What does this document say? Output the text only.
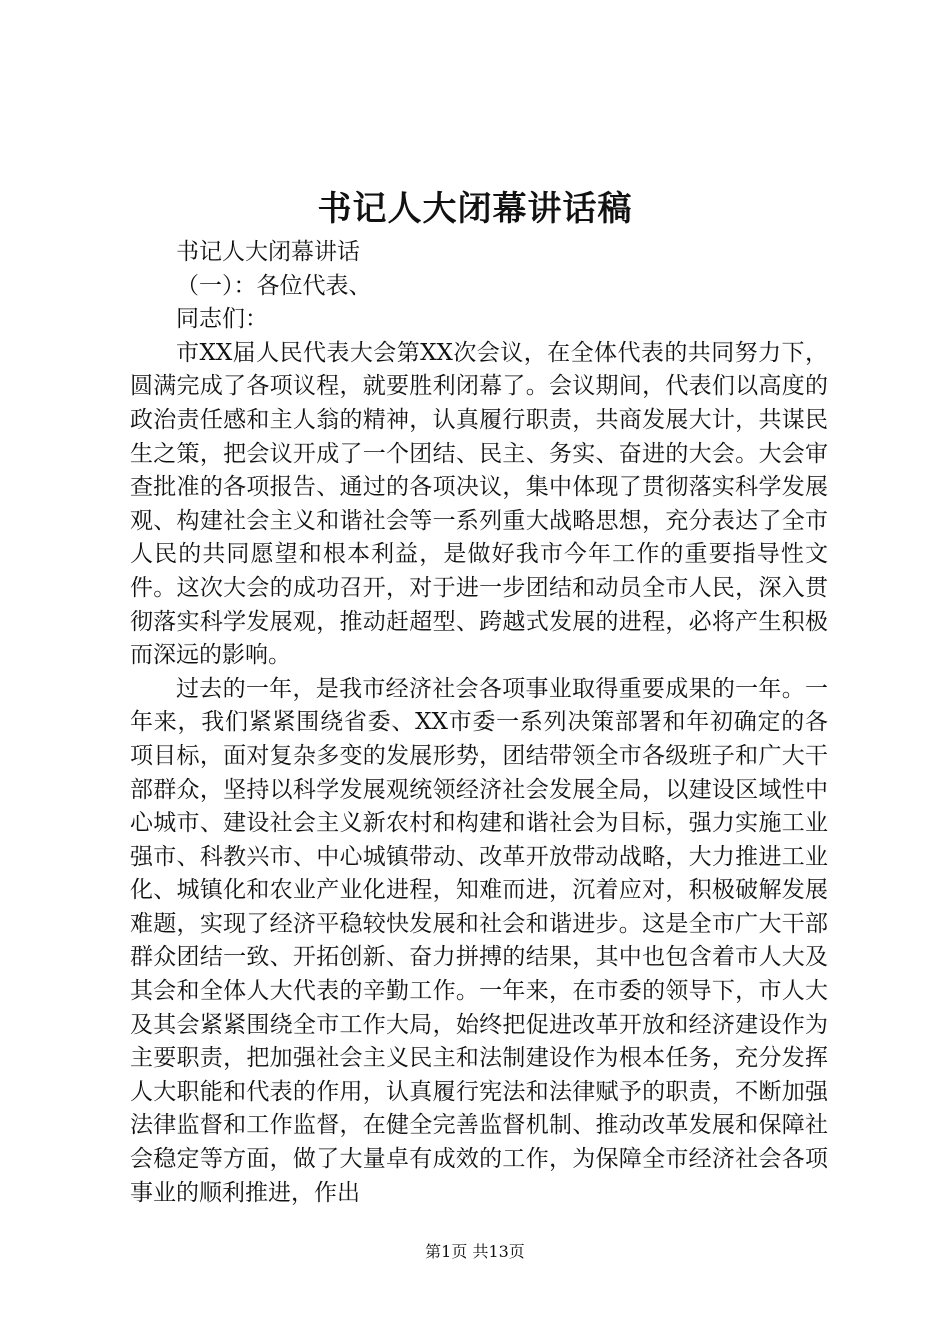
书记人大闭幕讲话稿

书记人大闭幕讲话

（一）：各位代表、

同志们：

市XX届人民代表大会第XX次会议，在全体代表的共同努力下，圆满完成了各项议程，就要胜利闭幕了。会议期间，代表们以高度的政治责任感和主人翁的精神，认真履行职责，共商发展大计，共谋民生之策，把会议开成了一个团结、民主、务实、奋进的大会。大会审查批准的各项报告、通过的各项决议，集中体现了贯彻落实科学发展观、构建社会主义和谐社会等一系列重大战略思想，充分表达了全市人民的共同愿望和根本利益，是做好我市今年工作的重要指导性文件。这次大会的成功召开，对于进一步团结和动员全市人民，深入贯彻落实科学发展观，推动赶超型、跨越式发展的进程，必将产生积极而深远的影响。

过去的一年，是我市经济社会各项事业取得重要成果的一年。一年来，我们紧紧围绕省委、XX市委一系列决策部署和年初确定的各项目标，面对复杂多变的发展形势，团结带领全市各级班子和广大干部群众，坚持以科学发展观统领经济社会发展全局，以建设区域性中心城市、建设社会主义新农村和构建和谐社会为目标，强力实施工业强市、科教兴市、中心城镇带动、改革开放带动战略，大力推进工业化、城镇化和农业产业化进程，知难而进，沉着应对，积极破解发展难题，实现了经济平稳较快发展和社会和谐进步。这是全市广大干部群众团结一致、开拓创新、奋力拼搏的结果，其中也包含着市人大及其会和全体人大代表的辛勤工作。一年来，在市委的领导下，市人大及其会紧紧围绕全市工作大局，始终把促进改革开放和经济建设作为主要职责，把加强社会主义民主和法制建设作为根本任务，充分发挥人大职能和代表的作用，认真履行宪法和法律赋予的职责，不断加强法律监督和工作监督，在健全完善监督机制、推动改革发展和保障社会稳定等方面，做了大量卓有成效的工作，为保障全市经济社会各项事业的顺利推进，作出

第1页 共13页
